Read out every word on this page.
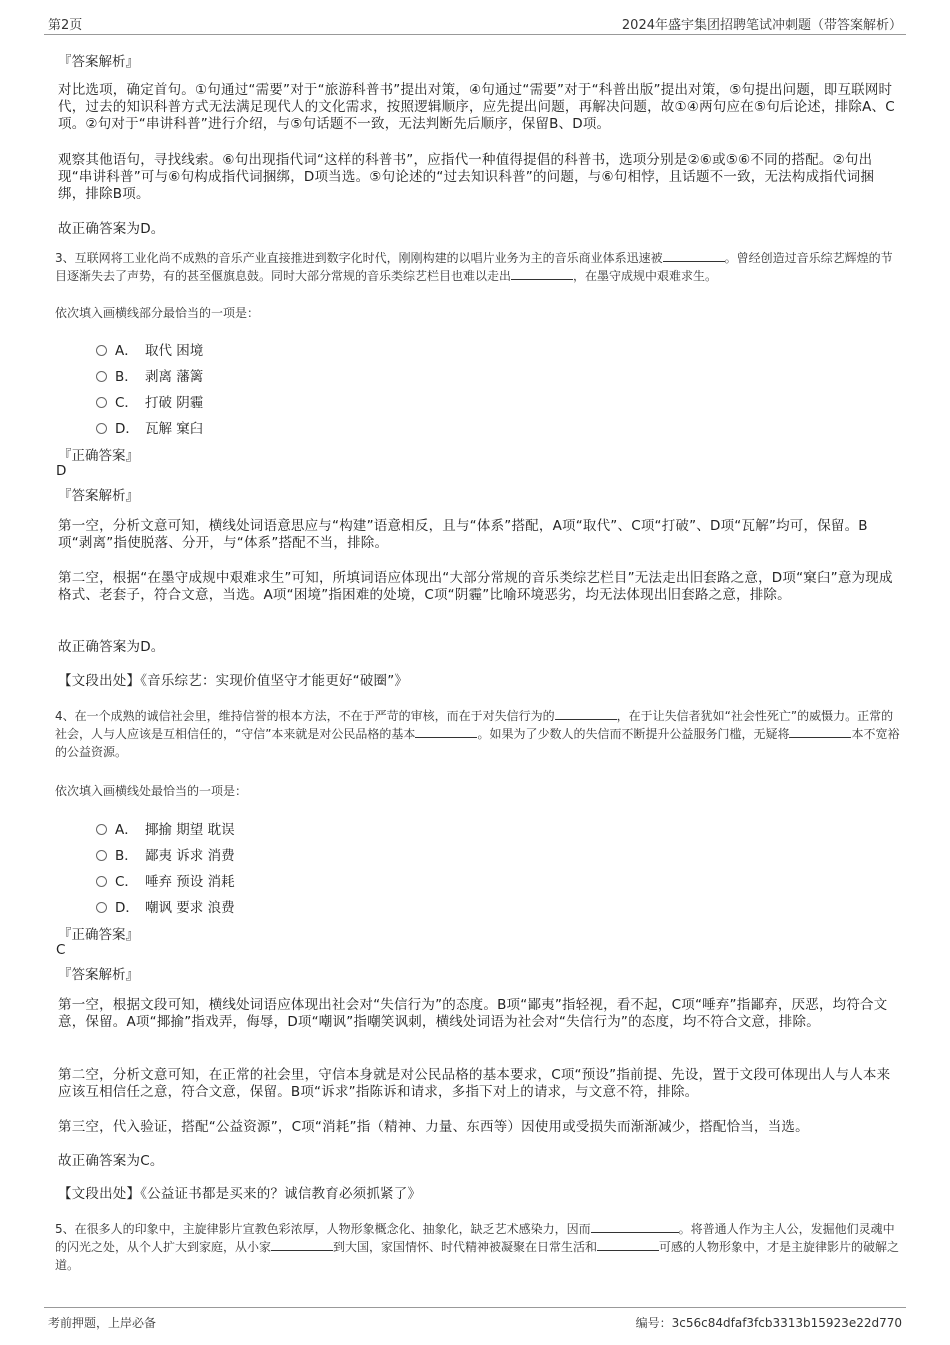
第2页	2024年盛宇集团招聘笔试冲刺题（带答案解析）
『答案解析』
对比选项，确定首句。①句通过“需要”对于“旅游科普书”提出对策，④句通过“需要”对于“科普出版”提出对策，⑤句提出问题，即互联网时代，过去的知识科普方式无法满足现代人的文化需求，按照逻辑顺序，应先提出问题，再解决问题，故①④两句应在⑤句后论述，排除A、C项。②句对于“串讲科普”进行介绍，与⑤句话题不一致，无法判断先后顺序，保留B、D项。
观察其他语句，寻找线索。⑥句出现指代词“这样的科普书”，应指代一种值得提倡的科普书，选项分别是②⑥或⑤⑥不同的搭配。②句出现“串讲科普”可与⑥句构成指代词捆绑，D项当选。⑤句论述的“过去知识科普”的问题，与⑥句相悖，且话题不一致，无法构成指代词捆绑，排除B项。
故正确答案为D。
3、互联网将工业化尚不成熟的音乐产业直接推进到数字化时代，刚刚构建的以唱片业务为主的音乐商业体系迅速被	。曾经创造过音乐综艺辉煌的节目逐渐失去了声势，有的甚至偃旗息鼓。同时大部分常规的音乐类综艺栏目也难以走出	，在墨守成规中艰难求生。
依次填入画横线部分最恰当的一项是：
A． 取代 困境
B． 剥离 藩篱
C． 打破 阴霾
D． 瓦解 窠臼
『正确答案』
D
『答案解析』
第一空，分析文意可知，横线处词语意思应与“构建”语意相反，且与“体系”搭配，A项“取代”、C项“打破”、D项“瓦解”均可，保留。B项“剥离”指使脱落、分开，与“体系”搭配不当，排除。
第二空，根据“在墨守成规中艰难求生”可知，所填词语应体现出“大部分常规的音乐类综艺栏目”无法走出旧套路之意，D项“窠臼”意为现成格式、老套子，符合文意，当选。A项“困境”指困难的处境，C项“阴霾”比喻环境恶劣，均无法体现出旧套路之意，排除。
故正确答案为D。
【文段出处】《音乐综艺：实现价值坚守才能更好“破圈”》
4、在一个成熟的诚信社会里，维持信誉的根本方法，不在于严苛的审核，而在于对失信行为的	，在于让失信者犹如“社会性死亡”的威慑力。正常的社会，人与人应该是互相信任的，“守信”本来就是对公民品格的基本	。如果为了少数人的失信而不断提升公益服务门槛，无疑将	本不宽裕的公益资源。
依次填入画横线处最恰当的一项是：
A． 揶揄 期望 耽误
B． 鄙夷 诉求 消费
C． 唾弃 预设 消耗
D． 嘲讽 要求 浪费
『正确答案』
C
『答案解析』
第一空，根据文段可知，横线处词语应体现出社会对“失信行为”的态度。B项“鄙夷”指轻视，看不起，C项“唾弃”指鄙弃，厌恶，均符合文意，保留。A项“揶揄”指戏弄，侮辱，D项“嘲讽”指嘲笑讽刺，横线处词语为社会对“失信行为”的态度，均不符合文意，排除。
第二空，分析文意可知，在正常的社会里，守信本身就是对公民品格的基本要求，C项“预设”指前提、先设，置于文段可体现出人与人本来应该互相信任之意，符合文意，保留。B项“诉求”指陈诉和请求，多指下对上的请求，与文意不符，排除。
第三空，代入验证，搭配“公益资源”，C项“消耗”指（精神、力量、东西等）因使用或受损失而渐渐减少，搭配恰当，当选。
故正确答案为C。
【文段出处】《公益证书都是买来的？诚信教育必须抓紧了》
5、在很多人的印象中，主旋律影片宣教色彩浓厚，人物形象概念化、抽象化，缺乏艺术感染力，因而	。将普通人作为主人公，发掘他们灵魂中的闪光之处，从个人扩大到家庭，从小家	到大国，家国情怀、时代精神被凝聚在日常生活和	可感的人物形象中，才是主旋律影片的破解之道。
考前押题，上岸必备	编号：3c56c84dfaf3fcb3313b15923e22d770
